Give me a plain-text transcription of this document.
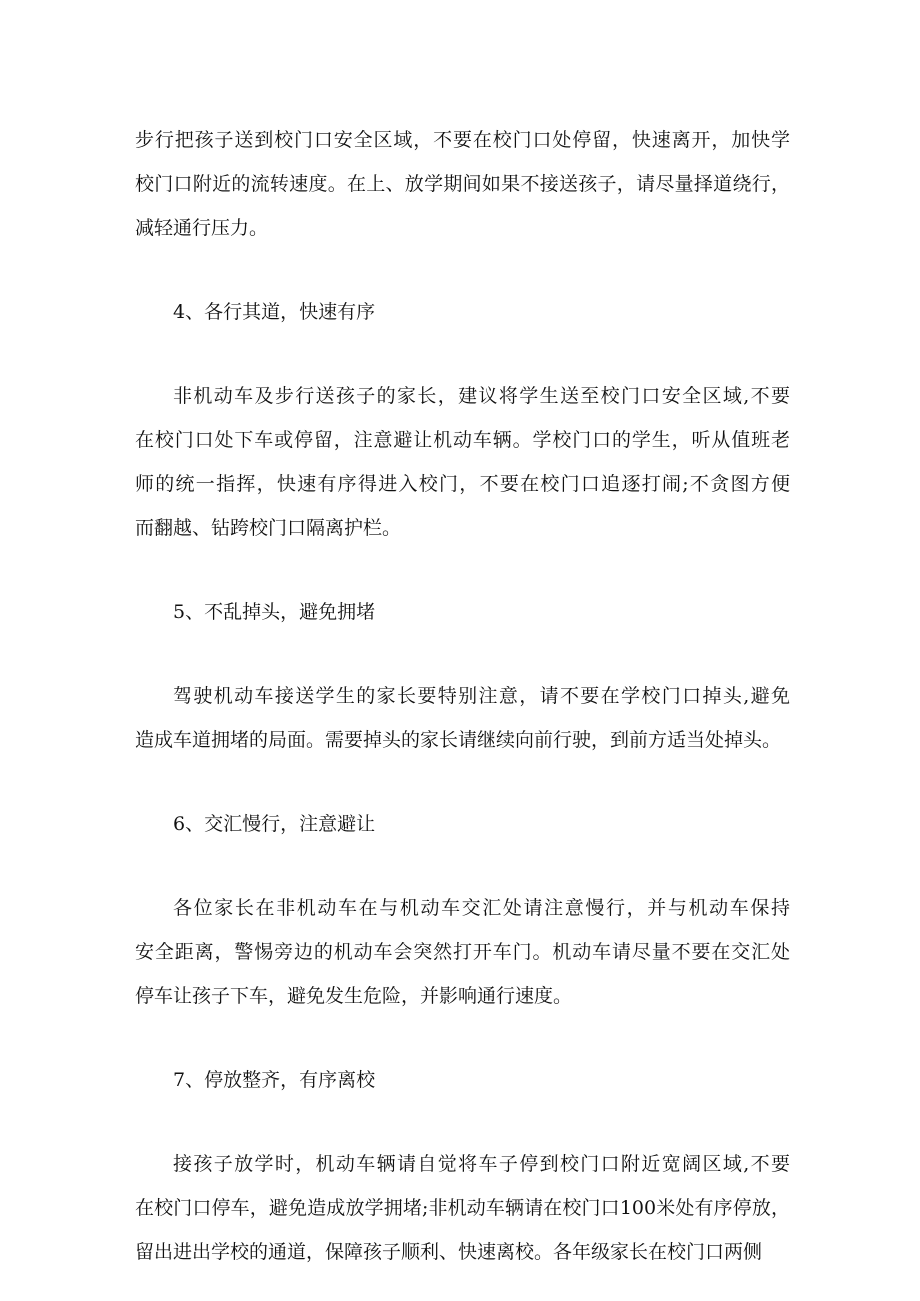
步行把孩子送到校门口安全区域，不要在校门口处停留，快速离开，加快学

校门口附近的流转速度。在上、放学期间如果不接送孩子，请尽量择道绕行，

减轻通行压力。

4、各行其道，快速有序

非机动车及步行送孩子的家长，建议将学生送至校门口安全区域,不要

在校门口处下车或停留，注意避让机动车辆。学校门口的学生，听从值班老

师的统一指挥，快速有序得进入校门，不要在校门口追逐打闹;不贪图方便

而翻越、钻跨校门口隔离护栏。

5、不乱掉头，避免拥堵

驾驶机动车接送学生的家长要特别注意，请不要在学校门口掉头,避免

造成车道拥堵的局面。需要掉头的家长请继续向前行驶，到前方适当处掉头。

6、交汇慢行，注意避让

各位家长在非机动车在与机动车交汇处请注意慢行，并与机动车保持

安全距离，警惕旁边的机动车会突然打开车门。机动车请尽量不要在交汇处

停车让孩子下车，避免发生危险，并影响通行速度。

7、停放整齐，有序离校

接孩子放学时，机动车辆请自觉将车子停到校门口附近宽阔区域,不要

在校门口停车，避免造成放学拥堵;非机动车辆请在校门口100米处有序停放，

留出进出学校的通道，保障孩子顺利、快速离校。各年级家长在校门口两侧
